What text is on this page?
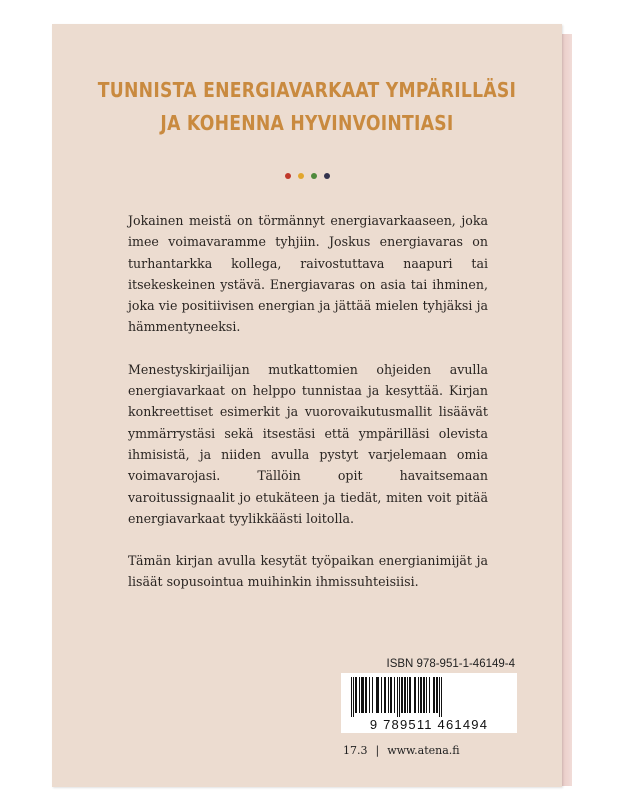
TUNNISTA ENERGIAVARKAAT YMPÄRILLÄSI
JA KOHENNA HYVINVOINTIASI

Jokainen meistä on törmännyt energiavarkaaseen, joka imee voimavaramme tyhjiin. Joskus energiavaras on turhantarkka kollega, raivostuttava naapuri tai itsekeskeinen ystävä. Energiavaras on asia tai ihminen, joka vie positiivisen energian ja jättää mielen tyhjäksi ja hämmentyneeksi.

Menestyskirjailijan mutkattomien ohjeiden avulla energiavarkaat on helppo tunnistaa ja kesyttää. Kirjan konkreettiset esimerkit ja vuorovaikutusmallit lisäävät ymmärrystäsi sekä itsestäsi että ympärilläsi olevista ihmisistä, ja niiden avulla pystyt varjelemaan omia voimavarojasi. Tällöin opit havaitsemaan varoitussignaalit jo etukäteen ja tiedät, miten voit pitää energiavarkaat tyylikkäästi loitolla.

Tämän kirjan avulla kesytät työpaikan energianimijät ja lisäät sopusointua muihinkin ihmissuhteisiisi.

ISBN 978-951-1-46149-4
9 789511 461494
17.3 | www.atena.fi
